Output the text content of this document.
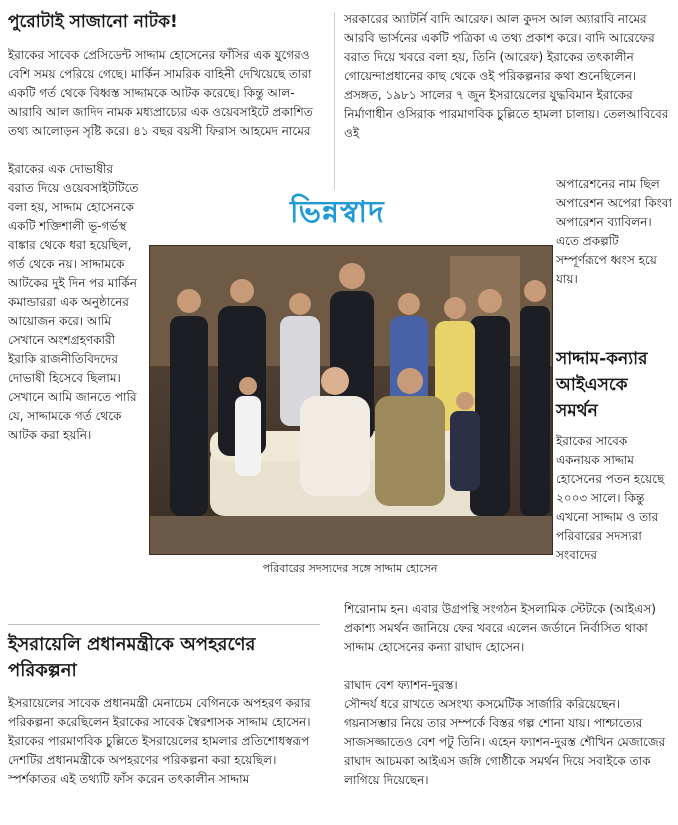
পুরোটাই সাজানো নাটক!

ইরাকের সাবেক প্রেসিডেন্ট সাদ্দাম হোসেনের ফাঁসির এক যুগেরও বেশি সময় পেরিয়ে গেছে। মার্কিন সামরিক বাহিনী দেখিয়েছে তারা একটি গর্ত থেকে বিধ্বস্ত সাদ্দামকে আটক করেছে। কিন্তু আল-আরাবি আল জাদিদ নামক মধ্যপ্রাচ্যের এক ওয়েবসাইটে প্রকাশিত তথ্য আলোড়ন সৃষ্টি করে। ৪১ বছর বয়সী ফিরাস আহমেদ নামের

ইরাকের এক দোভাষীর বরাত দিয়ে ওয়েবসাইটটিতে বলা হয়, সাদ্দাম হোসেনকে একটি শক্তিশালী ভূ-গর্ভস্থ বাঙ্কার থেকে ধরা হয়েছিল, গর্ত থেকে নয়। সাদ্দামকে আটকের দুই দিন পর মার্কিন কমান্ডাররা এক অনুষ্ঠানের আয়োজন করে। আমি সেখানে অংশগ্রহণকারী ইরাকি রাজনীতিবিদদের দোভাষী হিসেবে ছিলাম। সেখানে আমি জানতে পারি যে, সাদ্দামকে গর্ত থেকে আটক করা হয়নি।

সরকারের অ্যাটর্নি বাদি আরেফ। আল কুদস আল অ্যারাবি নামের আরবি ভার্সনের একটি পত্রিকা এ তথ্য প্রকাশ করে। বাদি আরেফের বরাত দিয়ে খবরে বলা হয়, তিনি (আরেফ) ইরাকের তৎকালীন গোয়েন্দাপ্রধানের কাছ থেকে ওই পরিকল্পনার কথা শুনেছিলেন। প্রসঙ্গত, ১৯৮১ সালের ৭ জুন ইসরায়েলের যুদ্ধবিমান ইরাকের নির্মাণাধীন ওসিরাক পারমাণবিক চুল্লিতে হামলা চালায়। তেলআবিবের ওই

অপারেশনের নাম ছিল অপারেশন অপেরা কিংবা অপারেশন ব্যাবিলন। এতে প্রকল্পটি সম্পূর্ণরূপে ধ্বংস হয়ে যায়।

ভিন্নস্বাদ
পরিবারের সদস্যদের সঙ্গে সাদ্দাম হোসেন
সাদ্দাম-কন্যার আইএসকে সমর্থন

ইরাকের সাবেক একনায়ক সাদ্দাম হোসেনের পতন হয়েছে ২০০৩ সালে। কিন্তু এখনো সাদ্দাম ও তার পরিবারের সদস্যরা সংবাদের

ইসরায়েলি প্রধানমন্ত্রীকে অপহরণের পরিকল্পনা

ইসরায়েলের সাবেক প্রধানমন্ত্রী মেনাচেম বেগিনকে অপহরণ করার পরিকল্পনা করেছিলেন ইরাকের সাবেক স্বৈরশাসক সাদ্দাম হোসেন। ইরাকের পারমাণবিক চুল্লিতে ইসরায়েলের হামলার প্রতিশোধস্বরূপ দেশটির প্রধানমন্ত্রীকে অপহরণের পরিকল্পনা করা হয়েছিল। স্পর্শকাতর এই তথ্যটি ফাঁস করেন তৎকালীন সাদ্দাম

শিরোনাম হন। এবার উগ্রপন্থি সংগঠন ইসলামিক স্টেটকে (আইএস) প্রকাশ্য সমর্থন জানিয়ে ফের খবরে এলেন জর্ডানে নির্বাসিত থাকা সাদ্দাম হোসেনের কন্যা রাঘাদ হোসেন।

রাঘাদ বেশ ফ্যাশন-দুরস্ত।

সৌন্দর্য ধরে রাখতে অসংখ্য কসমেটিক সার্জারি করিয়েছেন। গয়নাসম্ভার নিয়ে তার সম্পর্কে বিস্তর গল্প শোনা যায়। পাশ্চাত্যের সাজসজ্জাতেও বেশ পটু তিনি। এহেন ফ্যাশন-দুরস্ত শৌখিন মেজাজের রাঘাদ আচমকা আইএস জঙ্গি গোষ্ঠীকে সমর্থন দিয়ে সবাইকে তাক লাগিয়ে দিয়েছেন।
